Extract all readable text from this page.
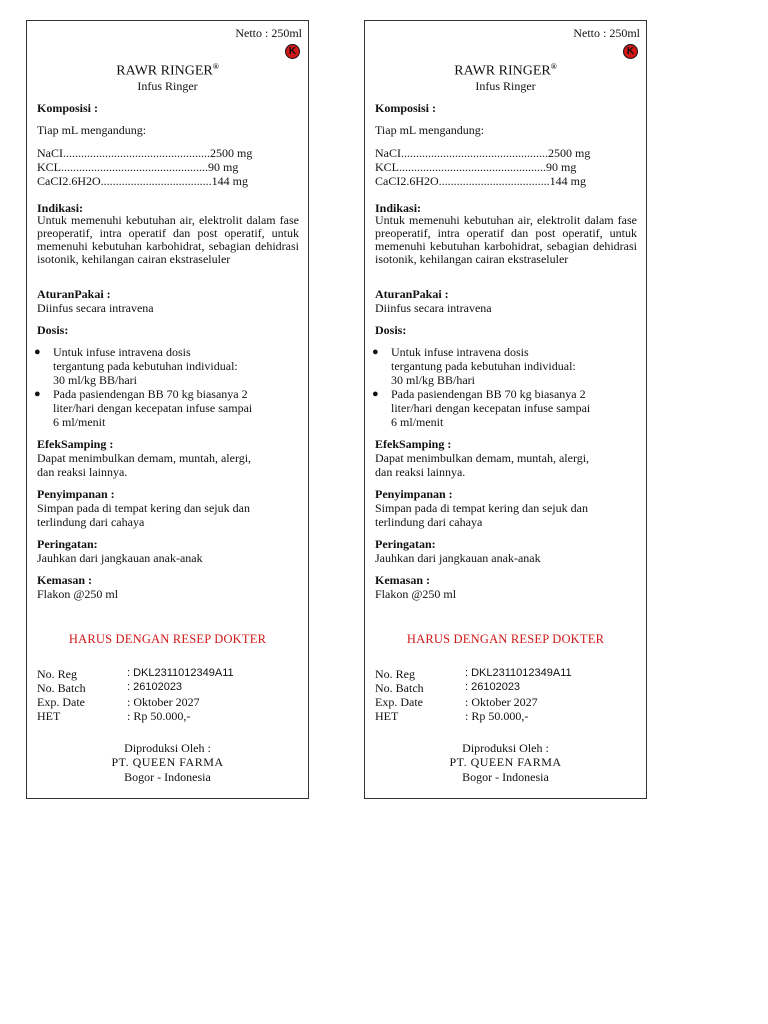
Netto : 250ml
K
RAWR RINGER®
Infus Ringer
Komposisi :
Tiap mL mengandung:
NaCI.................................................2500 mg
KCL.................................................90 mg
CaCI2.6H2O.....................................144 mg
Indikasi:
Untuk memenuhi kebutuhan air, elektrolit dalam fase preoperatif, intra operatif dan post operatif, untuk memenuhi kebutuhan karbohidrat, sebagian dehidrasi isotonik, kehilangan cairan ekstraseluler
AturanPakai :
Diinfus secara intravena
Dosis:
● Untuk infuse intravena dosis
tergantung pada kebutuhan individual:
30 ml/kg BB/hari
● Pada pasiendengan BB 70 kg biasanya 2
liter/hari dengan kecepatan infuse sampai
6 ml/menit
EfekSamping :
Dapat menimbulkan demam, muntah, alergi,
dan reaksi lainnya.
Penyimpanan :
Simpan pada di tempat kering dan sejuk dan
terlindung dari cahaya
Peringatan:
Jauhkan dari jangkauan anak-anak
Kemasan :
Flakon @250 ml
HARUS DENGAN RESEP DOKTER
No. Reg	: DKL2311012349A11
No. Batch	: 26102023
Exp. Date	: Oktober 2027
HET	: Rp 50.000,-
Diproduksi Oleh :
PT. QUEEN FARMA
Bogor - Indonesia
Netto : 250ml
K
RAWR RINGER®
Infus Ringer
Komposisi :
Tiap mL mengandung:
NaCI.................................................2500 mg
KCL.................................................90 mg
CaCI2.6H2O.....................................144 mg
Indikasi:
Untuk memenuhi kebutuhan air, elektrolit dalam fase preoperatif, intra operatif dan post operatif, untuk memenuhi kebutuhan karbohidrat, sebagian dehidrasi isotonik, kehilangan cairan ekstraseluler
AturanPakai :
Diinfus secara intravena
Dosis:
● Untuk infuse intravena dosis
tergantung pada kebutuhan individual:
30 ml/kg BB/hari
● Pada pasiendengan BB 70 kg biasanya 2
liter/hari dengan kecepatan infuse sampai
6 ml/menit
EfekSamping :
Dapat menimbulkan demam, muntah, alergi,
dan reaksi lainnya.
Penyimpanan :
Simpan pada di tempat kering dan sejuk dan
terlindung dari cahaya
Peringatan:
Jauhkan dari jangkauan anak-anak
Kemasan :
Flakon @250 ml
HARUS DENGAN RESEP DOKTER
No. Reg	: DKL2311012349A11
No. Batch	: 26102023
Exp. Date	: Oktober 2027
HET	: Rp 50.000,-
Diproduksi Oleh :
PT. QUEEN FARMA
Bogor - Indonesia
